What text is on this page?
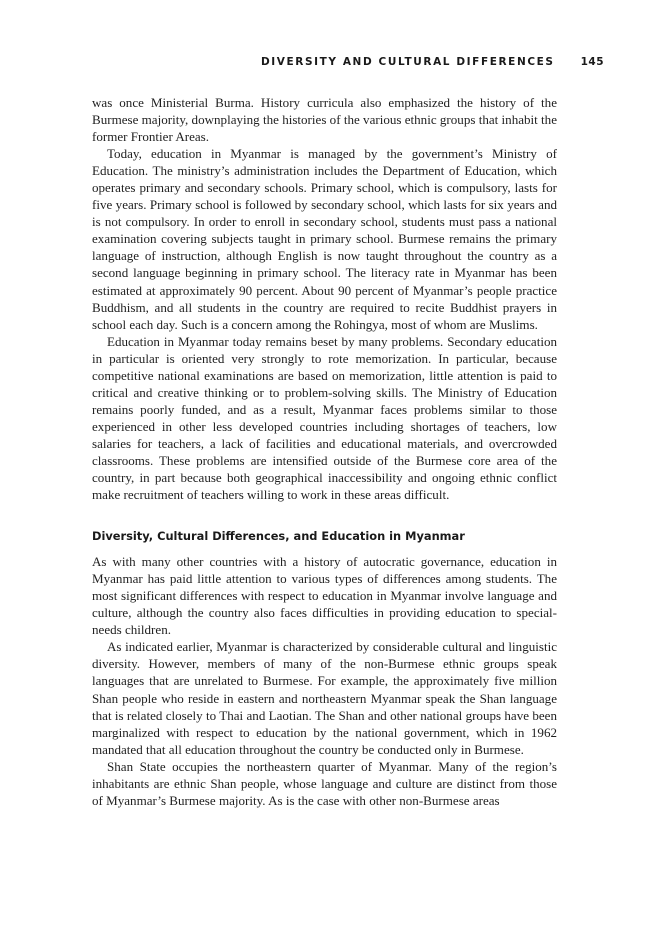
DIVERSITY AND CULTURAL DIFFERENCES 145

was once Ministerial Burma. History curricula also emphasized the history of the Burmese majority, downplaying the histories of the various ethnic groups that inhabit the former Frontier Areas.

Today, education in Myanmar is managed by the government’s Ministry of Education. The ministry’s administration includes the Department of Education, which operates primary and secondary schools. Primary school, which is compulsory, lasts for five years. Primary school is followed by secondary school, which lasts for six years and is not compulsory. In order to enroll in secondary school, students must pass a national examination covering subjects taught in primary school. Burmese remains the primary language of instruction, although English is now taught throughout the country as a second language beginning in primary school. The literacy rate in Myanmar has been estimated at approximately 90 percent. About 90 percent of Myanmar’s people practice Buddhism, and all students in the country are required to recite Buddhist prayers in school each day. Such is a concern among the Rohingya, most of whom are Muslims.

Education in Myanmar today remains beset by many problems. Secondary education in particular is oriented very strongly to rote memorization. In particular, because competitive national examinations are based on memorization, little attention is paid to critical and creative thinking or to problem-solving skills. The Ministry of Education remains poorly funded, and as a result, Myanmar faces problems similar to those experienced in other less developed countries including shortages of teachers, low salaries for teachers, a lack of facilities and educational materials, and overcrowded classrooms. These problems are intensified outside of the Burmese core area of the country, in part because both geographical inaccessibility and ongoing ethnic conflict make recruitment of teachers willing to work in these areas difficult.

Diversity, Cultural Differences, and Education in Myanmar

As with many other countries with a history of autocratic governance, education in Myanmar has paid little attention to various types of differences among students. The most significant differences with respect to education in Myanmar involve language and culture, although the country also faces difficulties in providing education to special-needs children.

As indicated earlier, Myanmar is characterized by considerable cultural and linguistic diversity. However, members of many of the non-Burmese ethnic groups speak languages that are unrelated to Burmese. For example, the approximately five million Shan people who reside in eastern and northeastern Myanmar speak the Shan language that is related closely to Thai and Laotian. The Shan and other national groups have been marginalized with respect to education by the national government, which in 1962 mandated that all education throughout the country be conducted only in Burmese.

Shan State occupies the northeastern quarter of Myanmar. Many of the region’s inhabitants are ethnic Shan people, whose language and culture are distinct from those of Myanmar’s Burmese majority. As is the case with other non-Burmese areas
